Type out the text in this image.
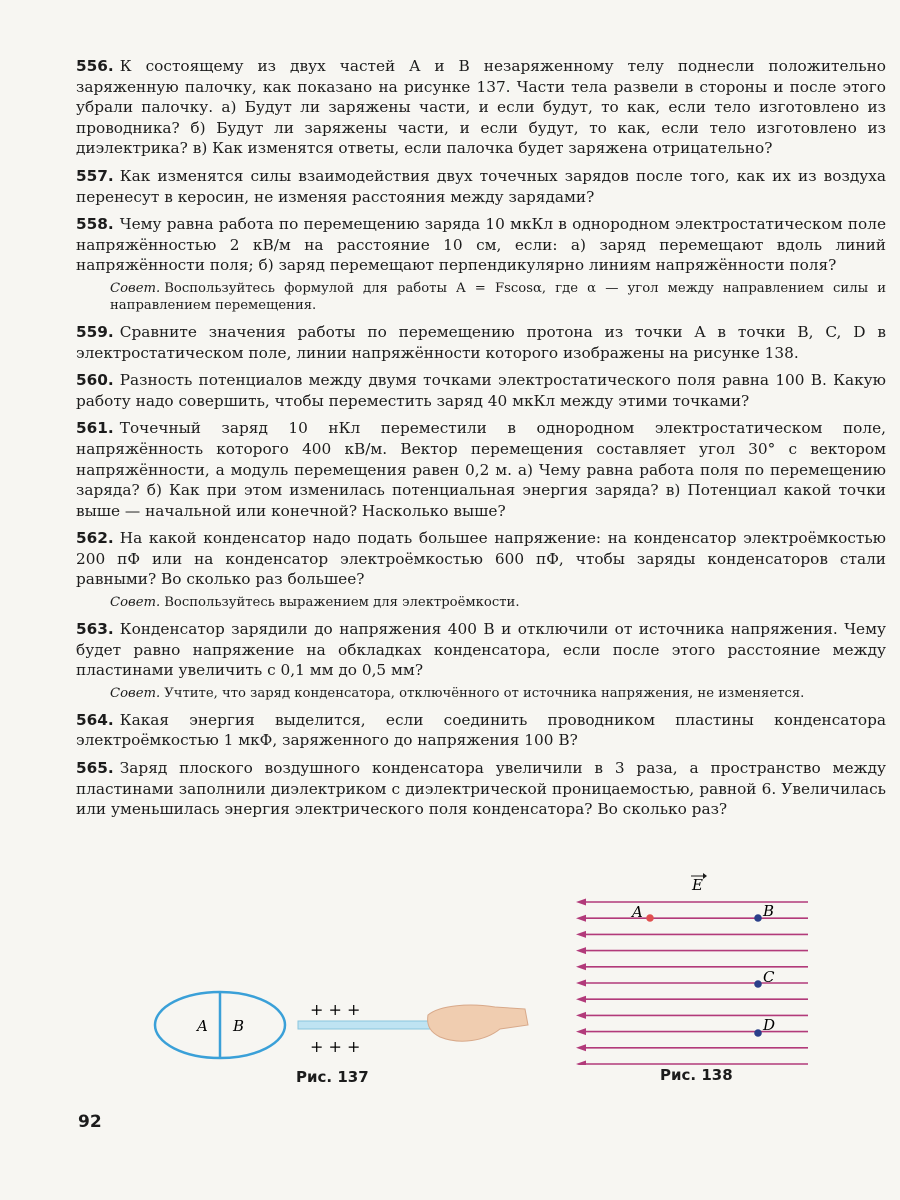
556. К состоящему из двух частей A и B незаряженному телу поднесли положительно заряженную палочку, как показано на рисунке 137. Части тела развели в стороны и после этого убрали палочку. а) Будут ли заряжены части, и если будут, то как, если тело изготовлено из проводника? б) Будут ли заряжены части, и если будут, то как, если тело изготовлено из диэлектрика? в) Как изменятся ответы, если палочка будет заряжена отрицательно?

557. Как изменятся силы взаимодействия двух точечных зарядов после того, как их из воздуха перенесут в керосин, не изменяя расстояния между зарядами?

558. Чему равна работа по перемещению заряда 10 мкКл в однородном электростатическом поле напряжённостью 2 кВ/м на расстояние 10 см, если: а) заряд перемещают вдоль линий напряжённости поля; б) заряд перемещают перпендикулярно линиям напряжённости поля?

Совет. Воспользуйтесь формулой для работы A = Fscosα, где α — угол между направлением силы и направлением перемещения.

559. Сравните значения работы по перемещению протона из точки A в точки B, C, D в электростатическом поле, линии напряжённости которого изображены на рисунке 138.

560. Разность потенциалов между двумя точками электростатического поля равна 100 В. Какую работу надо совершить, чтобы переместить заряд 40 мкКл между этими точками?

561. Точечный заряд 10 нКл переместили в однородном электростатическом поле, напряжённость которого 400 кВ/м. Вектор перемещения составляет угол 30° с вектором напряжённости, а модуль перемещения равен 0,2 м. а) Чему равна работа поля по перемещению заряда? б) Как при этом изменилась потенциальная энергия заряда? в) Потенциал какой точки выше — начальной или конечной? Насколько выше?

562. На какой конденсатор надо подать большее напряжение: на конденсатор электроёмкостью 200 пФ или на конденсатор электроёмкостью 600 пФ, чтобы заряды конденсаторов стали равными? Во сколько раз большее?

Совет. Воспользуйтесь выражением для электроёмкости.

563. Конденсатор зарядили до напряжения 400 В и отключили от источника напряжения. Чему будет равно напряжение на обкладках конденсатора, если после этого расстояние между пластинами увеличить с 0,1 мм до 0,5 мм?

Совет. Учтите, что заряд конденсатора, отключённого от источника напряжения, не изменяется.

564. Какая энергия выделится, если соединить проводником пластины конденсатора электроёмкостью 1 мкФ, заряженного до напряжения 100 В?

565. Заряд плоского воздушного конденсатора увеличили в 3 раза, а пространство между пластинами заполнили диэлектриком с диэлектрической проницаемостью, равной 6. Увеличилась или уменьшилась энергия электрического поля конденсатора? Во сколько раз?

A B
+ + +
+ + +
Рис. 137
E
A	B
C
D
Рис. 138
92
